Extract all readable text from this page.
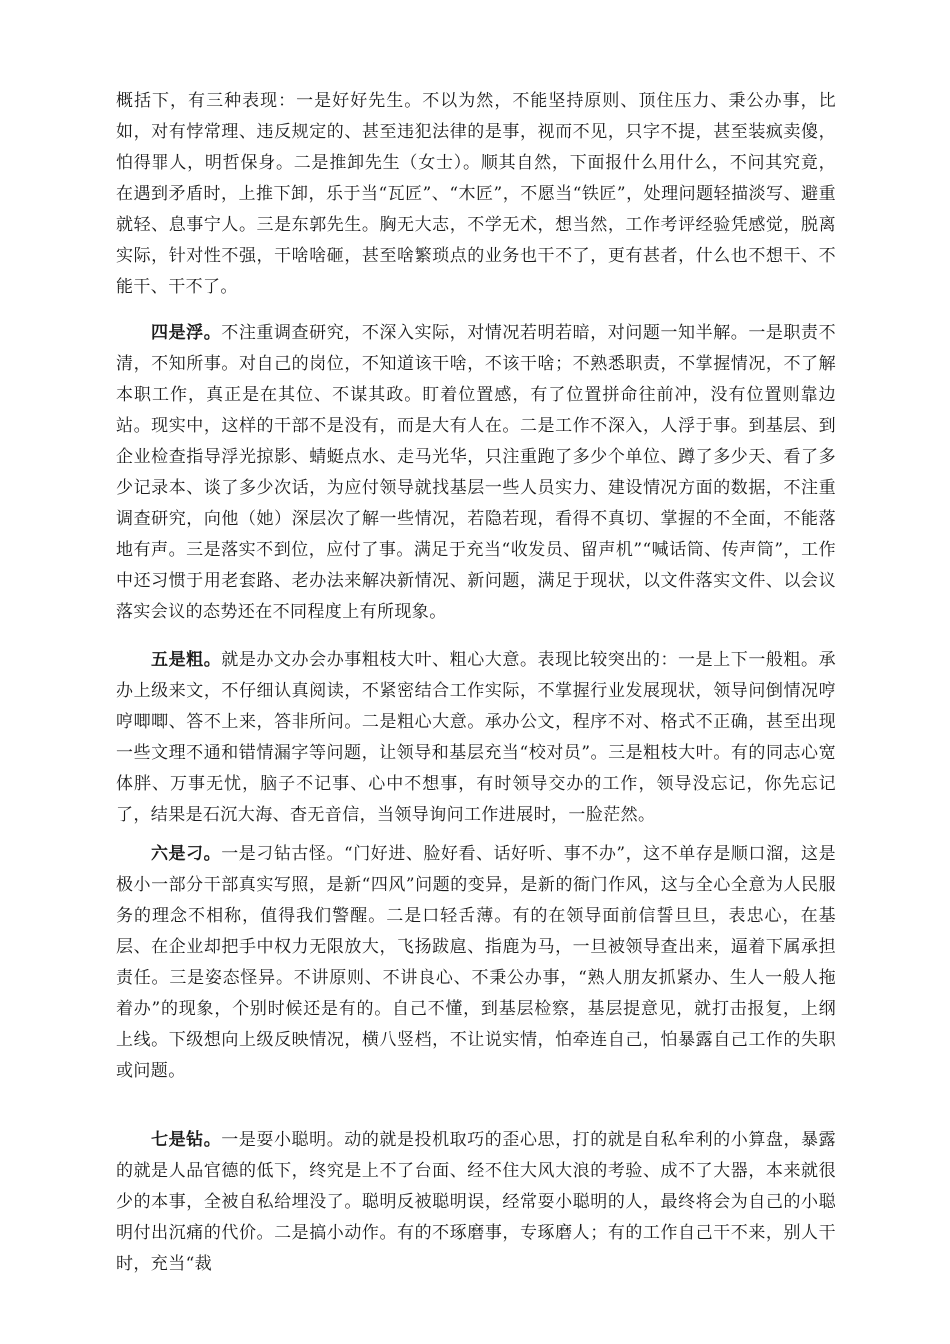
概括下，有三种表现：一是好好先生。不以为然，不能坚持原则、顶住压力、秉公办事，比如，对有悖常理、违反规定的、甚至违犯法律的是事，视而不见，只字不提，甚至装疯卖傻，怕得罪人，明哲保身。二是推卸先生（女士）。顺其自然，下面报什么用什么，不问其究竟，在遇到矛盾时，上推下卸，乐于当“瓦匠”、“木匠”，不愿当“铁匠”，处理问题轻描淡写、避重就轻、息事宁人。三是东郭先生。胸无大志，不学无术，想当然，工作考评经验凭感觉，脱离实际，针对性不强，干啥啥砸，甚至啥繁琐点的业务也干不了，更有甚者，什么也不想干、不能干、干不了。

四是浮。不注重调查研究，不深入实际，对情况若明若暗，对问题一知半解。一是职责不清，不知所事。对自己的岗位，不知道该干啥，不该干啥；不熟悉职责，不掌握情况，不了解本职工作，真正是在其位、不谋其政。盯着位置感，有了位置拼命往前冲，没有位置则靠边站。现实中，这样的干部不是没有，而是大有人在。二是工作不深入，人浮于事。到基层、到企业检查指导浮光掠影、蜻蜓点水、走马光华，只注重跑了多少个单位、蹲了多少天、看了多少记录本、谈了多少次话，为应付领导就找基层一些人员实力、建设情况方面的数据，不注重调查研究，向他（她）深层次了解一些情况，若隐若现，看得不真切、掌握的不全面，不能落地有声。三是落实不到位，应付了事。满足于充当“收发员、留声机”“喊话筒、传声筒”，工作中还习惯于用老套路、老办法来解决新情况、新问题，满足于现状，以文件落实文件、以会议落实会议的态势还在不同程度上有所现象。

五是粗。就是办文办会办事粗枝大叶、粗心大意。表现比较突出的：一是上下一般粗。承办上级来文，不仔细认真阅读，不紧密结合工作实际，不掌握行业发展现状，领导问倒情况哼哼唧唧、答不上来，答非所问。二是粗心大意。承办公文，程序不对、格式不正确，甚至出现一些文理不通和错情漏字等问题，让领导和基层充当“校对员”。三是粗枝大叶。有的同志心宽体胖、万事无忧，脑子不记事、心中不想事，有时领导交办的工作，领导没忘记，你先忘记了，结果是石沉大海、杳无音信，当领导询问工作进展时，一脸茫然。

六是刁。一是刁钻古怪。“门好进、脸好看、话好听、事不办”，这不单存是顺口溜，这是极小一部分干部真实写照，是新“四风”问题的变异，是新的衙门作风，这与全心全意为人民服务的理念不相称，值得我们警醒。二是口轻舌薄。有的在领导面前信誓旦旦，表忠心，在基层、在企业却把手中权力无限放大，飞扬跋扈、指鹿为马，一旦被领导查出来，逼着下属承担责任。三是姿态怪异。不讲原则、不讲良心、不秉公办事，“熟人朋友抓紧办、生人一般人拖着办”的现象，个别时候还是有的。自己不懂，到基层检察，基层提意见，就打击报复，上纲上线。下级想向上级反映情况，横八竖档，不让说实情，怕牵连自己，怕暴露自己工作的失职或问题。

七是钻。一是耍小聪明。动的就是投机取巧的歪心思，打的就是自私牟利的小算盘，暴露的就是人品官德的低下，终究是上不了台面、经不住大风大浪的考验、成不了大器，本来就很少的本事，全被自私给埋没了。聪明反被聪明误，经常耍小聪明的人，最终将会为自己的小聪明付出沉痛的代价。二是搞小动作。有的不琢磨事，专琢磨人；有的工作自己干不来，别人干时，充当“裁
